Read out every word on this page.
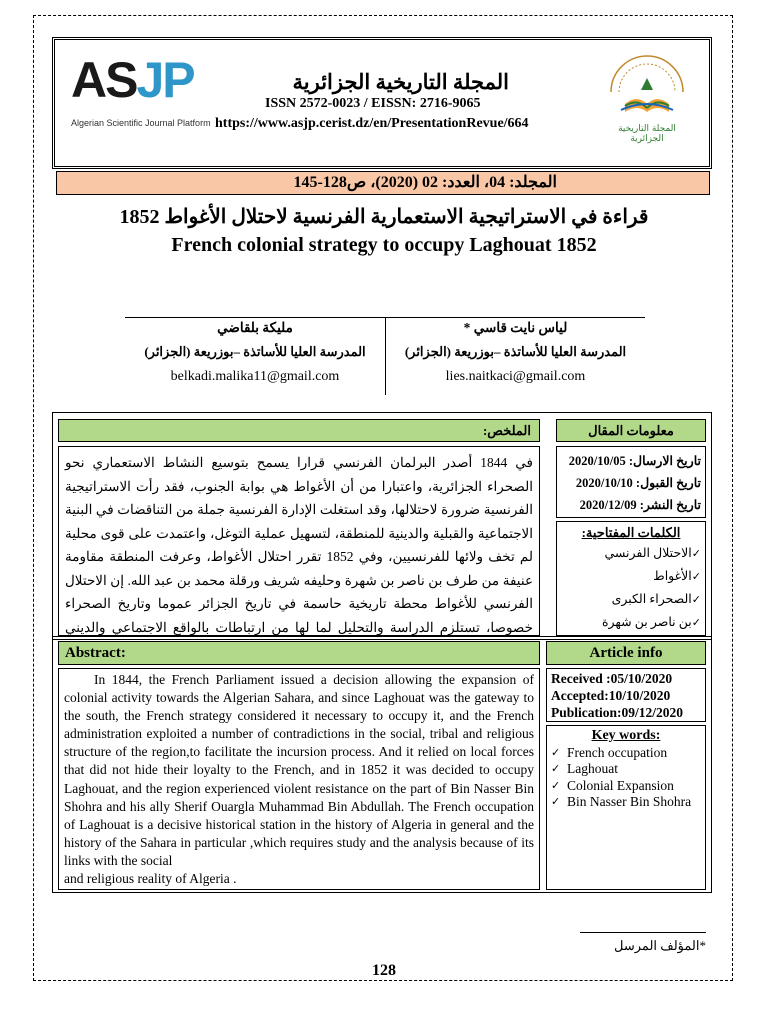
ASJP
Algerian Scientific Journal Platform
المجلة التاريخية الجزائرية
ISSN 2572-0023 / EISSN: 2716-9065
https://www.asjp.cerist.dz/en/PresentationRevue/664	المجلة التاريخية الجزائرية
المجلد: 04، العدد: 02 (2020)، ص128-145
قراءة في الاستراتيجية الاستعمارية الفرنسية لاحتلال الأغواط 1852
French colonial strategy to occupy Laghouat 1852
لياس نايت قاسي *
المدرسة العليا للأساتذة –بوزريعة (الجزائر)
lies.naitkaci@gmail.com
مليكة بلقاضي
المدرسة العليا للأساتذة –بوزريعة (الجزائر)
belkadi.malika11@gmail.com
الملخص:	معلومات المقال
في 1844 أصدر البرلمان الفرنسي قرارا يسمح بتوسيع النشاط الاستعماري نحو الصحراء الجزائرية، واعتبارا من أن الأغواط هي بوابة الجنوب، فقد رأت الاستراتيجية الفرنسية ضرورة لاحتلالها، وقد استغلت الإدارة الفرنسية جملة من التناقضات في البنية الاجتماعية والقبلية والدينية للمنطقة، لتسهيل عملية التوغل، واعتمدت على قوى محلية لم تخف ولائها للفرنسيين، وفي 1852 تقرر احتلال الأغواط، وعرفت المنطقة مقاومة عنيفة من طرف بن ناصر بن شهرة وحليفه شريف ورقلة محمد بن عبد الله. إن الاحتلال الفرنسي للأغواط محطة تاريخية حاسمة في تاريخ الجزائر عموما وتاريخ الصحراء خصوصا، تستلزم الدراسة والتحليل لما لها من ارتباطات بالواقع الاجتماعي والديني
تاريخ الارسال: 2020/10/05
تاريخ القبول: 2020/10/10
تاريخ النشر: 2020/12/09
الكلمات المفتاحية:
✓الاحتلال الفرنسي
✓الأغواط
✓الصحراء الكبرى
✓بن ناصر بن شهرة
Abstract:	Article info

In 1844, the French Parliament issued a decision allowing the expansion of colonial activity towards the Algerian Sahara, and since Laghouat was the gateway to the south, the French strategy considered it necessary to occupy it, and the French administration exploited a number of contradictions in the social, tribal and religious structure of the region,to facilitate the incursion process. And it relied on local forces that did not hide their loyalty to the French, and in 1852 it was decided to occupy Laghouat, and the region experienced violent resistance on the part of Bin Nasser Bin Shohra and his ally Sherif Ouargla Muhammad Bin Abdullah. The French occupation of Laghouat is a decisive historical station in the history of Algeria in general and the history of the Sahara in particular ,which requires study and the analysis because of its links with the social

and religious reality of Algeria .
Received :05/10/2020
Accepted:10/10/2020
Publication:09/12/2020
Key words:
✓ French occupation
✓ Laghouat
✓ Colonial Expansion
✓ Bin Nasser Bin Shohra
*المؤلف المرسل
128
